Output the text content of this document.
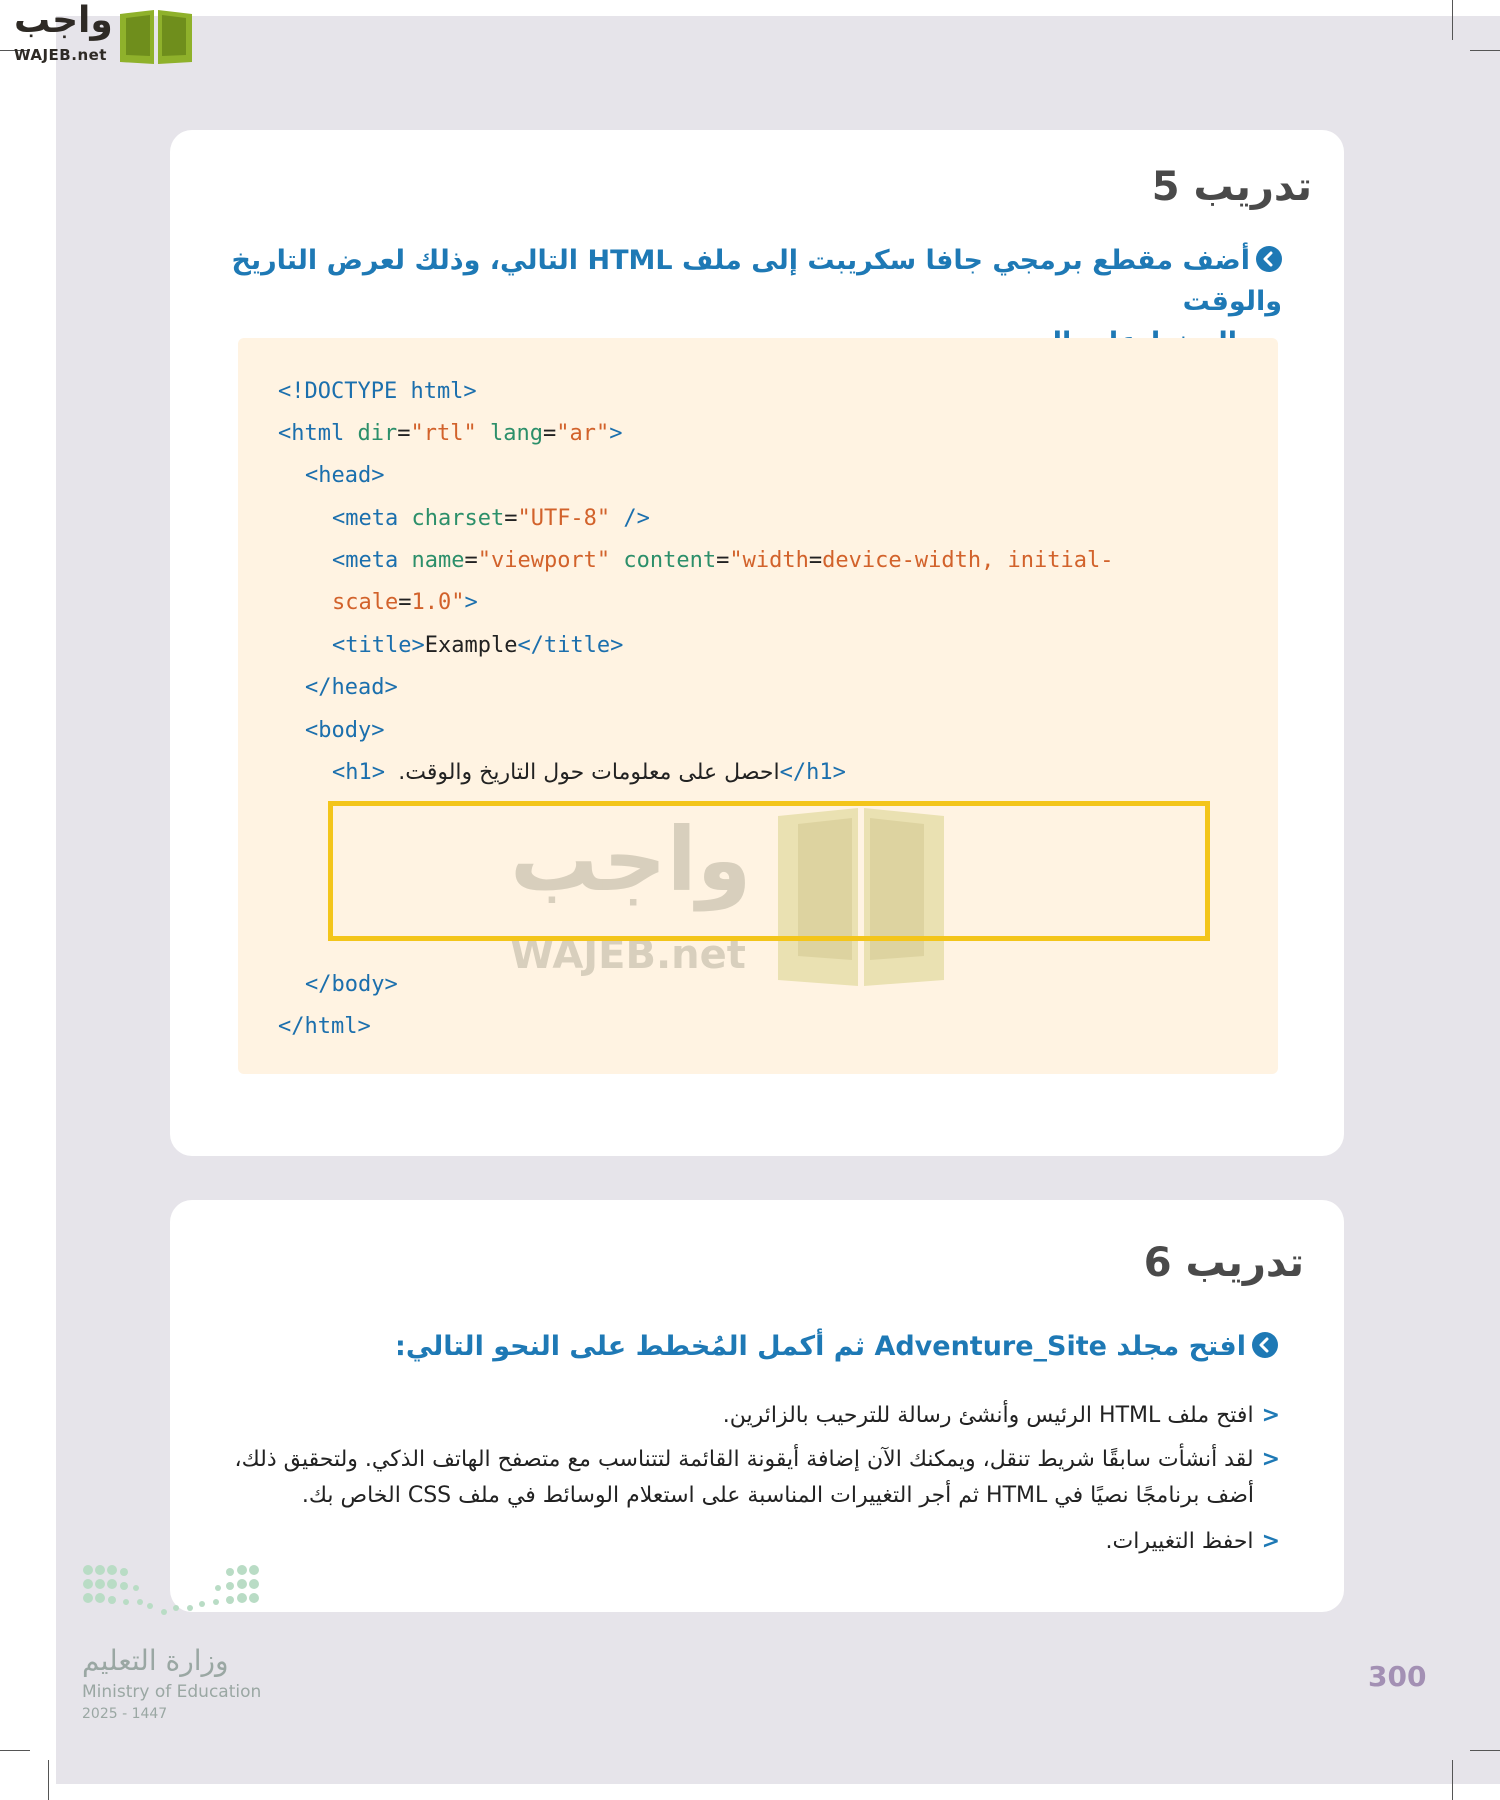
واجب
WAJEB.net
تدريب 5
أضف مقطع برمجي جافا سكريبت إلى ملف HTML التالي، وذلك لعرض التاريخ والوقت
<!DOCTYPE html>
<html dir="rtl" lang="ar">
<head>
<meta charset="UTF-8" />
<meta name="viewport" content="width=device-width, initial-
scale=1.0">
<title>Example</title>
</head>
<body>
<h1> احصل على معلومات حول التاريخ والوقت.</h1>
واجب
WAJEB.net
</body>
</html>
تدريب 6
افتح مجلد Adventure_Site ثم أكمل المُخطط على النحو التالي:
<افتح ملف HTML الرئيس وأنشئ رسالة للترحيب بالزائرين.
<لقد أنشأت سابقًا شريط تنقل، ويمكنك الآن إضافة أيقونة القائمة لتتناسب مع متصفح الهاتف الذكي. ولتحقيق ذلك،
أضف برنامجًا نصيًا في HTML ثم أجر التغييرات المناسبة على استعلام الوسائط في ملف CSS الخاص بك.
<احفظ التغييرات.
وزارة التعليم
Ministry of Education
2025 - 1447
300
